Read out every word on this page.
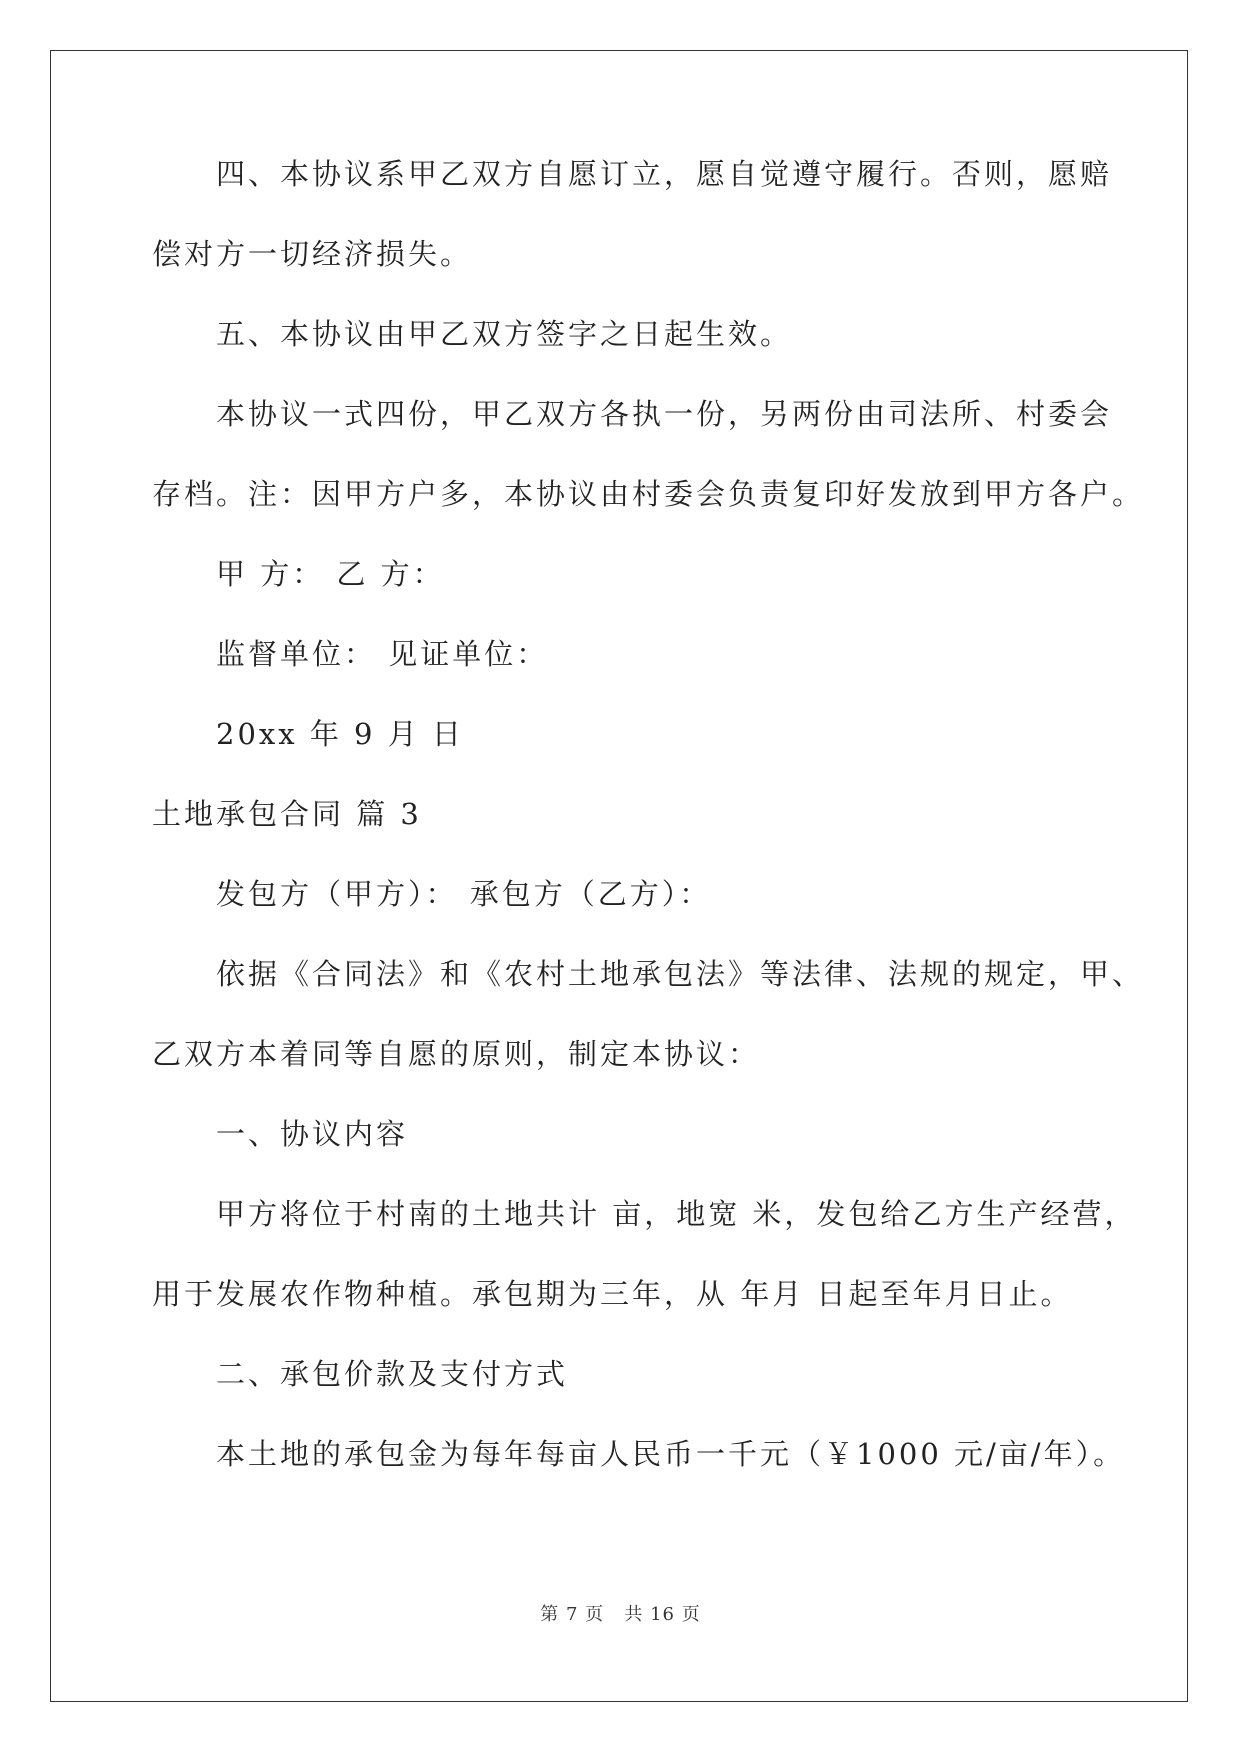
四、本协议系甲乙双方自愿订立，愿自觉遵守履行。否则，愿赔

偿对方一切经济损失。

五、本协议由甲乙双方签字之日起生效。

本协议一式四份，甲乙双方各执一份，另两份由司法所、村委会

存档。注：因甲方户多，本协议由村委会负责复印好发放到甲方各户。

甲 方： 乙 方：

监督单位： 见证单位：

20xx 年 9 月 日

土地承包合同 篇 3

发包方（甲方）： 承包方（乙方）：

依据《合同法》和《农村土地承包法》等法律、法规的规定，甲、

乙双方本着同等自愿的原则，制定本协议：

一、协议内容

甲方将位于村南的土地共计 亩，地宽 米，发包给乙方生产经营，

用于发展农作物种植。承包期为三年，从 年月 日起至年月日止。

二、承包价款及支付方式

本土地的承包金为每年每亩人民币一千元（￥1000 元/亩/年）。

第 7 页   共 16 页
